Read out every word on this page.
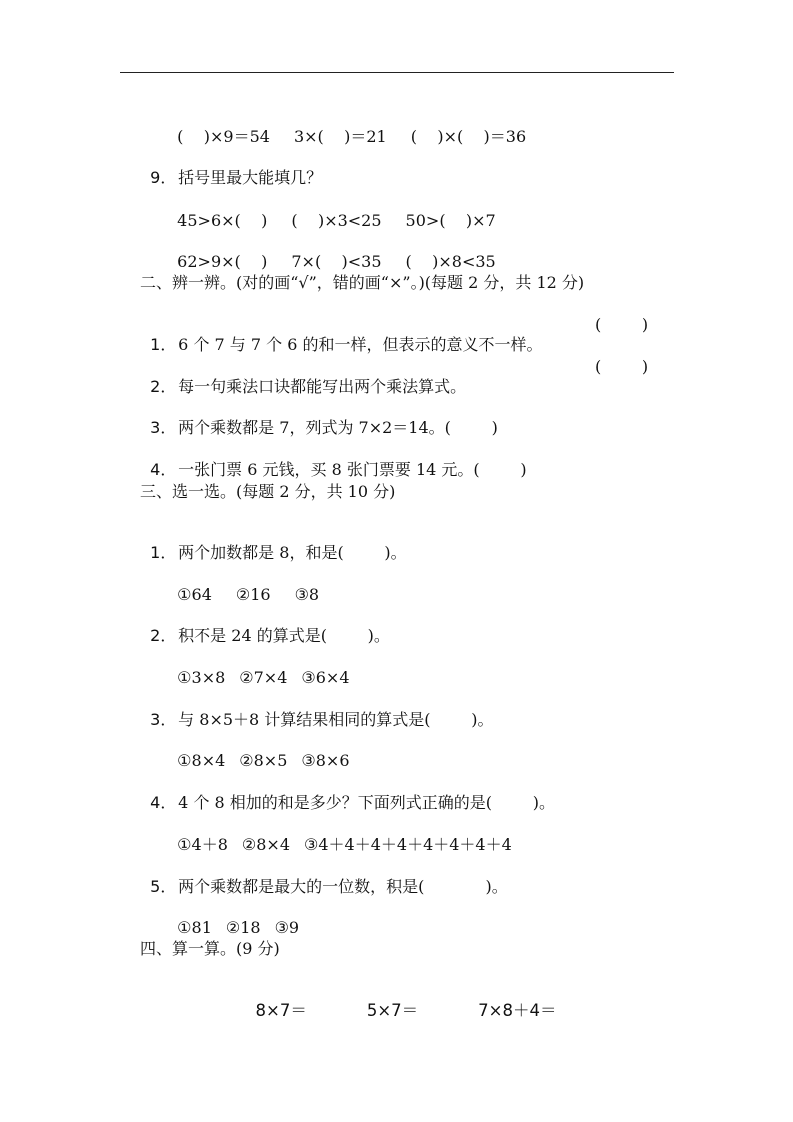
(    )×9＝54 3×(    )＝21 (    )×(    )＝36

9． 括号里最大能填几？

45>6×(    ) (    )×3<25 50>(    )×7

62>9×(    ) 7×(    )<35 (    )×8<35

二、辨一辨。(对的画“√”，错的画“×”。)(每题 2 分，共 12 分)

1． 6 个 7 与 7 个 6 的和一样，但表示的意义不一样。

(        )

2． 每一句乘法口诀都能写出两个乘法算式。

(        )

3． 两个乘数都是 7，列式为 7×2＝14。(        )

4． 一张门票 6 元钱，买 8 张门票要 14 元。(        )

三、选一选。(每题 2 分，共 10 分)

1． 两个加数都是 8，和是(        )。

①64 ②16 ③8

2． 积不是 24 的算式是(        )。

①3×8 ②7×4 ③6×4

3． 与 8×5＋8 计算结果相同的算式是(        )。

①8×4 ②8×5 ③8×6

4． 4 个 8 相加的和是多少？下面列式正确的是(        )。

①4＋8 ②8×4 ③4＋4＋4＋4＋4＋4＋4＋4

5． 两个乘数都是最大的一位数，积是(            )。

①81 ②18 ③9

四、算一算。(9 分)

8×7＝	5×7＝	7×8＋4＝
